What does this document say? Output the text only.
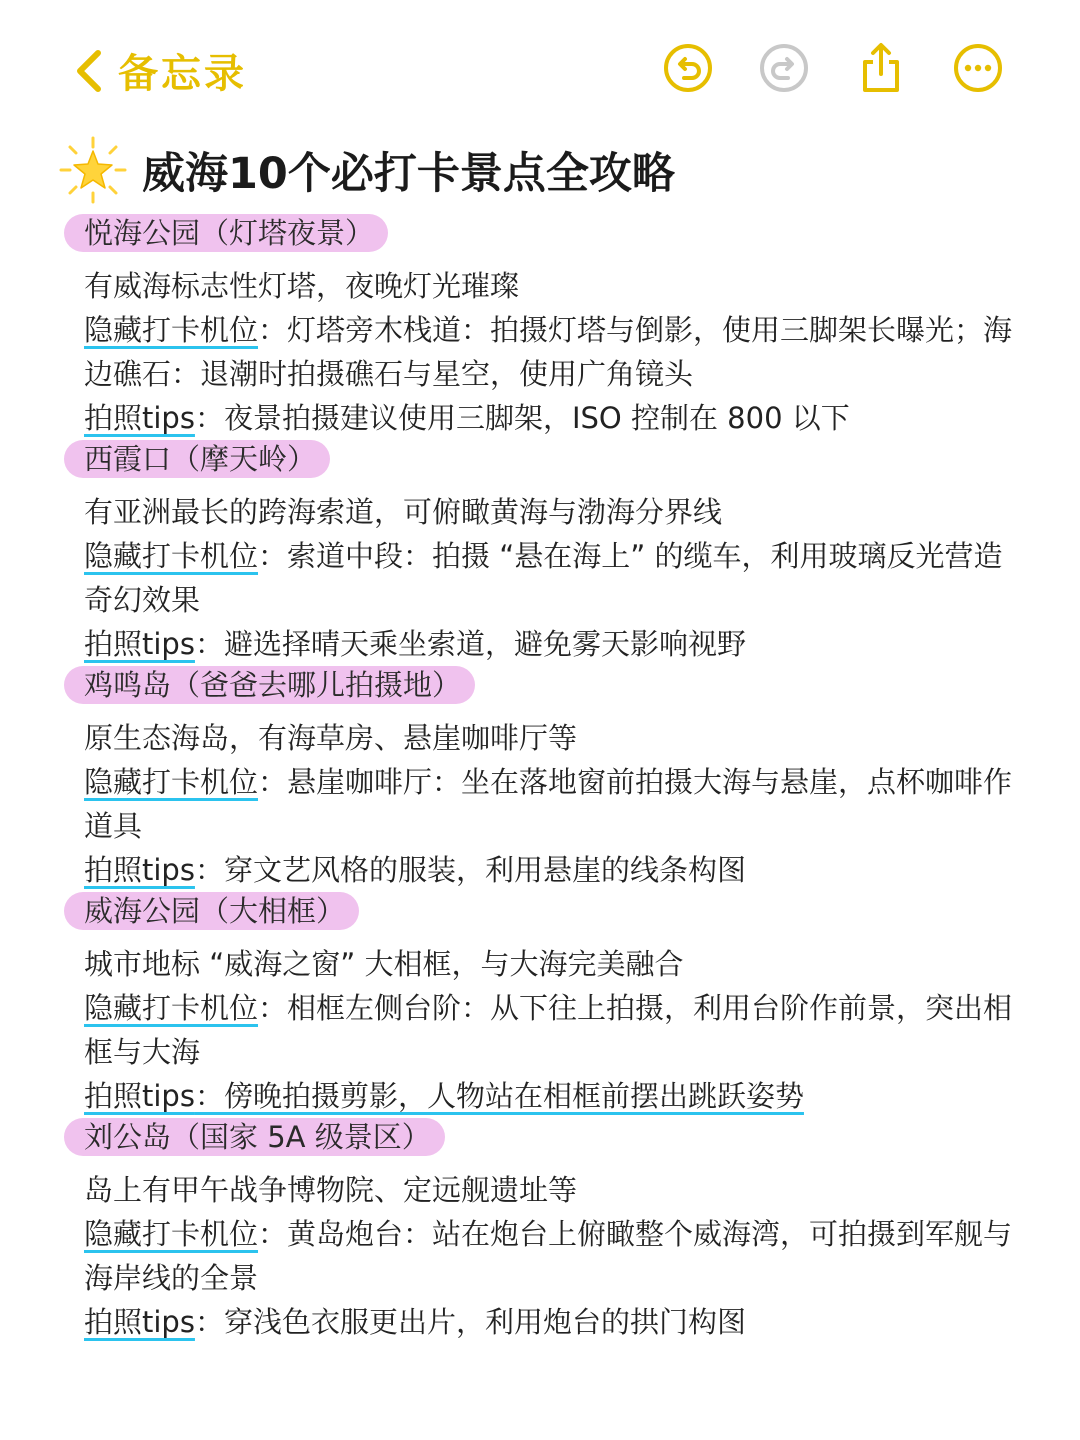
备忘录
威海10个必打卡景点全攻略
悦海公园（灯塔夜景）
有威海标志性灯塔，夜晚灯光璀璨
隐藏打卡机位：灯塔旁木栈道：拍摄灯塔与倒影，使用三脚架长曝光；海边礁石：退潮时拍摄礁石与星空，使用广角镜头
拍照tips：夜景拍摄建议使用三脚架，ISO 控制在 800 以下
西霞口（摩天岭）
有亚洲最长的跨海索道，可俯瞰黄海与渤海分界线
隐藏打卡机位：索道中段：拍摄 “悬在海上” 的缆车，利用玻璃反光营造奇幻效果
拍照tips：避选择晴天乘坐索道，避免雾天影响视野
鸡鸣岛（爸爸去哪儿拍摄地）
原生态海岛，有海草房、悬崖咖啡厅等
隐藏打卡机位：悬崖咖啡厅：坐在落地窗前拍摄大海与悬崖，点杯咖啡作道具
拍照tips：穿文艺风格的服装，利用悬崖的线条构图
威海公园（大相框）
城市地标 “威海之窗” 大相框，与大海完美融合
隐藏打卡机位：相框左侧台阶：从下往上拍摄，利用台阶作前景，突出相框与大海
拍照tips：傍晚拍摄剪影，人物站在相框前摆出跳跃姿势
刘公岛（国家 5A 级景区）
岛上有甲午战争博物院、定远舰遗址等
隐藏打卡机位：黄岛炮台：站在炮台上俯瞰整个威海湾，可拍摄到军舰与海岸线的全景
拍照tips：穿浅色衣服更出片，利用炮台的拱门构图
